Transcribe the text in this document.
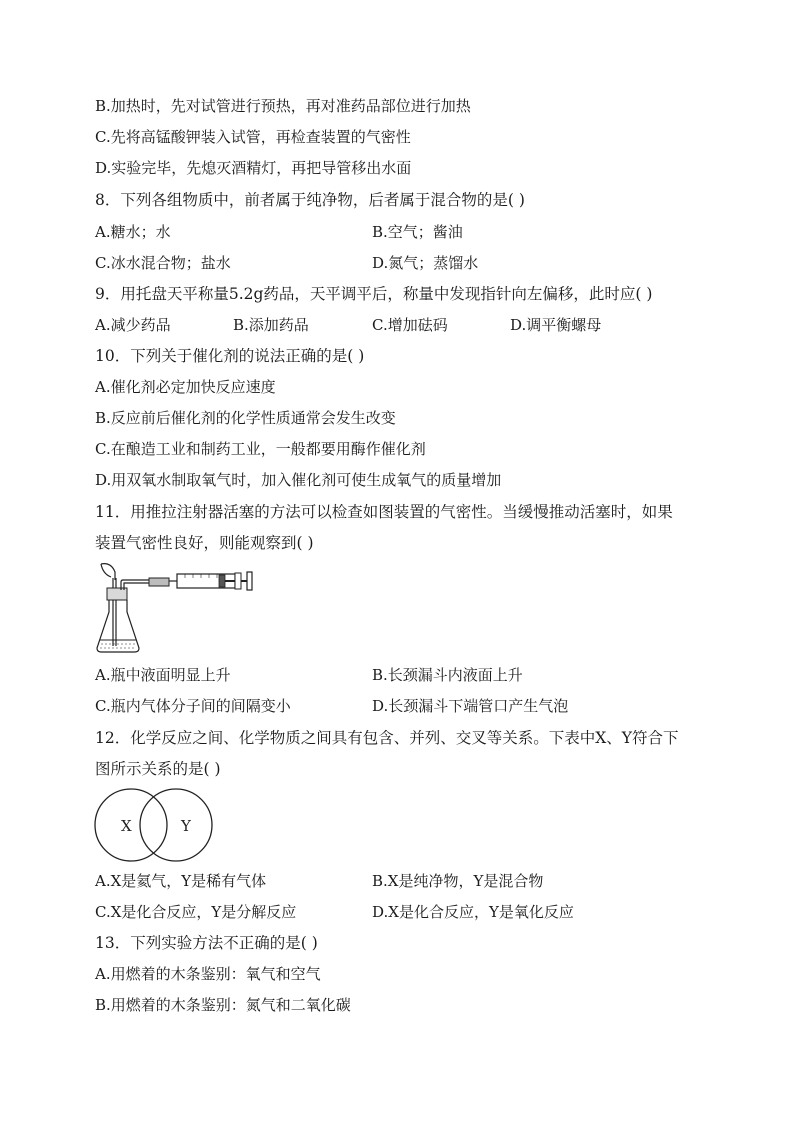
B.加热时，先对试管进行预热，再对准药品部位进行加热
C.先将高锰酸钾装入试管，再检查装置的气密性
D.实验完毕，先熄灭酒精灯，再把导管移出水面
8．下列各组物质中，前者属于纯净物，后者属于混合物的是( )
A.糖水；水	B.空气；酱油
C.冰水混合物；盐水	D.氮气；蒸馏水
9．用托盘天平称量5.2g药品，天平调平后，称量中发现指针向左偏移，此时应( )
A.减少药品	B.添加药品	C.增加砝码	D.调平衡螺母
10．下列关于催化剂的说法正确的是( )
A.催化剂必定加快反应速度
B.反应前后催化剂的化学性质通常会发生改变
C.在酿造工业和制药工业，一般都要用酶作催化剂
D.用双氧水制取氧气时，加入催化剂可使生成氧气的质量增加
11．用推拉注射器活塞的方法可以检查如图装置的气密性。当缓慢推动活塞时，如果
装置气密性良好，则能观察到( )
A.瓶中液面明显上升	B.长颈漏斗内液面上升
C.瓶内气体分子间的间隔变小	D.长颈漏斗下端管口产生气泡
12．化学反应之间、化学物质之间具有包含、并列、交叉等关系。下表中X、Y符合下
图所示关系的是( )
X	Y
A.X是氦气，Y是稀有气体	B.X是纯净物，Y是混合物
C.X是化合反应，Y是分解反应	D.X是化合反应，Y是氧化反应
13．下列实验方法不正确的是( )
A.用燃着的木条鉴别：氧气和空气
B.用燃着的木条鉴别：氮气和二氧化碳
